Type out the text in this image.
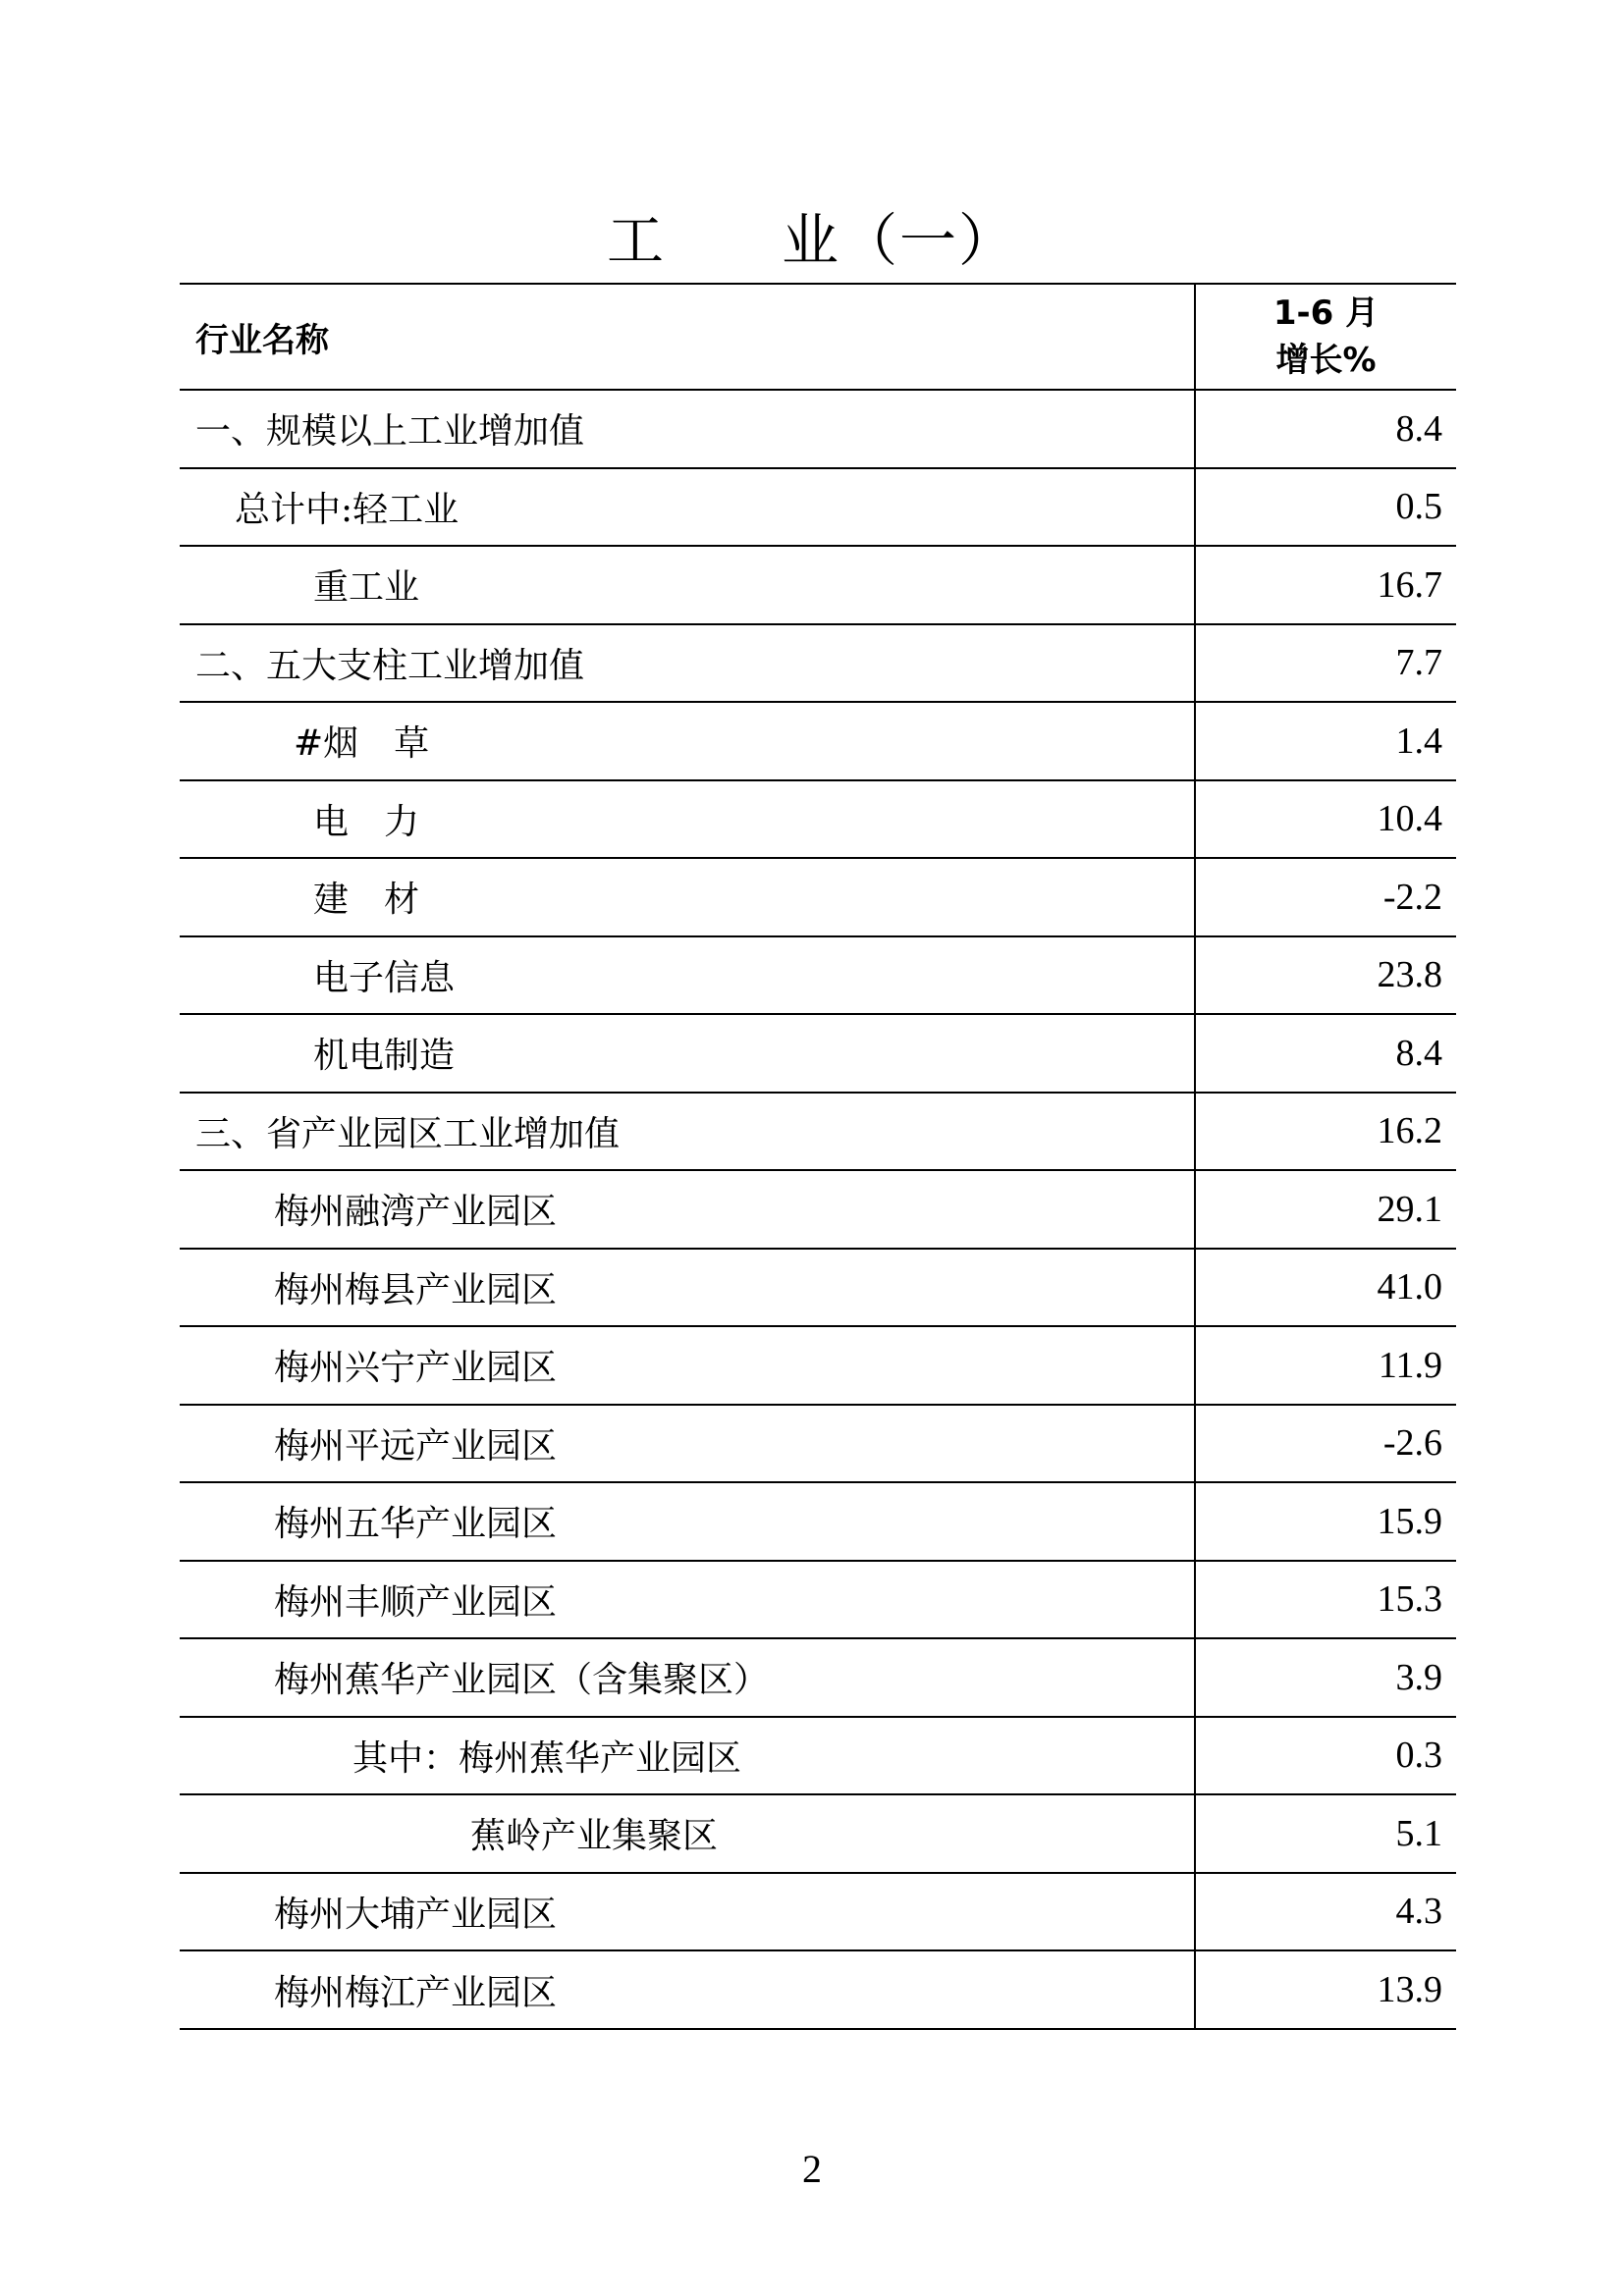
工 业（一）
行业名称	1-6 月
增长%

一、规模以上工业增加值	8.4
总计中:轻工业	0.5
重工业	16.7
二、五大支柱工业增加值	7.7
#烟　草	1.4
电　力	10.4
建　材	-2.2
电子信息	23.8
机电制造	8.4
三、省产业园区工业增加值	16.2
梅州融湾产业园区	29.1
梅州梅县产业园区	41.0
梅州兴宁产业园区	11.9
梅州平远产业园区	-2.6
梅州五华产业园区	15.9
梅州丰顺产业园区	15.3
梅州蕉华产业园区（含集聚区）	3.9
其中：梅州蕉华产业园区	0.3
蕉岭产业集聚区	5.1
梅州大埔产业园区	4.3
梅州梅江产业园区	13.9
2
